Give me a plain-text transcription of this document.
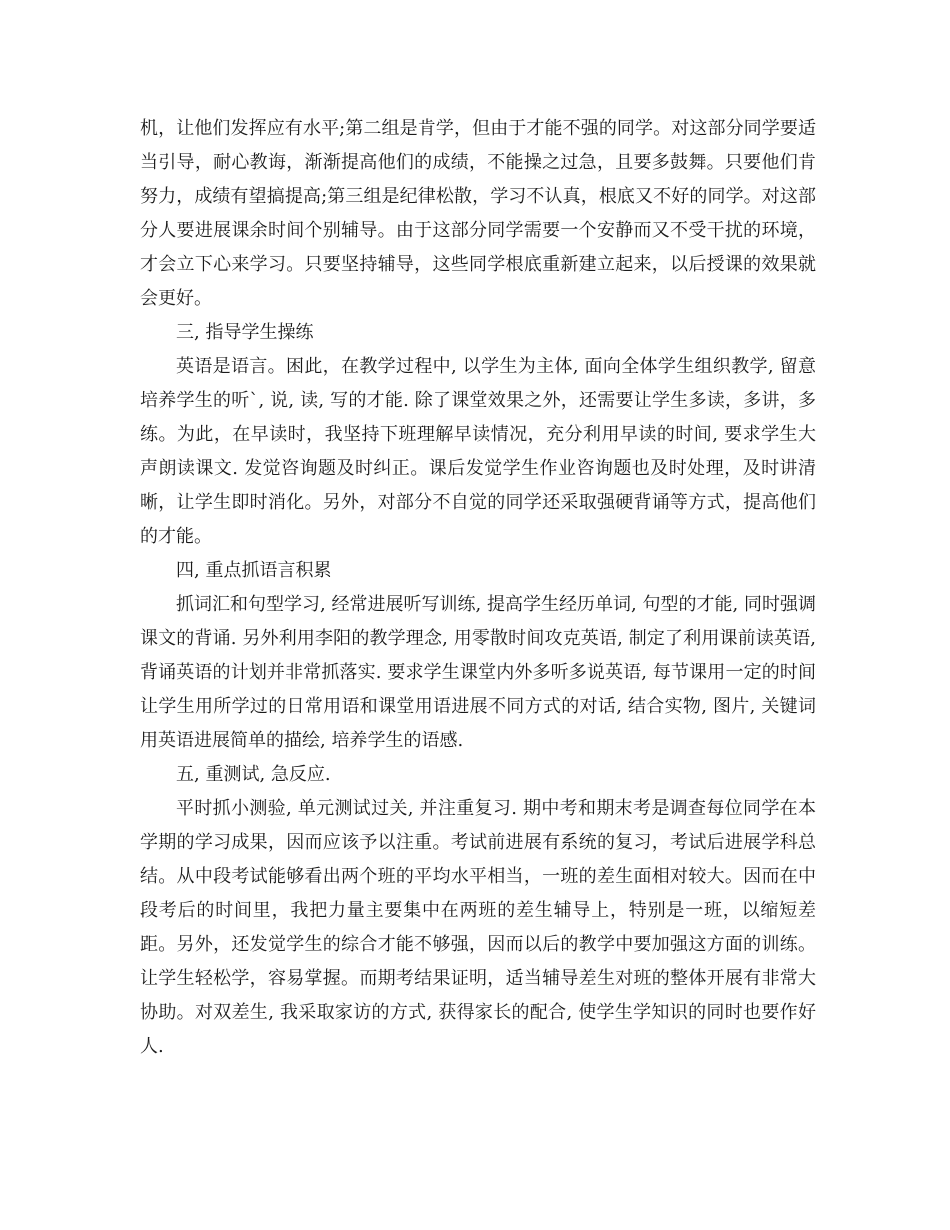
机，让他们发挥应有水平;第二组是肯学，但由于才能不强的同学。对这部分同学要适当引导，耐心教诲，渐渐提高他们的成绩，不能操之过急，且要多鼓舞。只要他们肯努力，成绩有望搞提高;第三组是纪律松散，学习不认真，根底又不好的同学。对这部分人要进展课余时间个别辅导。由于这部分同学需要一个安静而又不受干扰的环境，才会立下心来学习。只要坚持辅导，这些同学根底重新建立起来，以后授课的效果就会更好。

三, 指导学生操练

英语是语言。困此，在教学过程中, 以学生为主体, 面向全体学生组织教学, 留意培养学生的听`, 说, 读, 写的才能. 除了课堂效果之外，还需要让学生多读，多讲，多练。为此，在早读时，我坚持下班理解早读情况，充分利用早读的时间, 要求学生大声朗读课文. 发觉咨询题及时纠正。课后发觉学生作业咨询题也及时处理，及时讲清晰，让学生即时消化。另外，对部分不自觉的同学还采取强硬背诵等方式，提高他们的才能。

四, 重点抓语言积累

抓词汇和句型学习, 经常进展听写训练, 提高学生经历单词, 句型的才能, 同时强调课文的背诵. 另外利用李阳的教学理念, 用零散时间攻克英语, 制定了利用课前读英语, 背诵英语的计划并非常抓落实. 要求学生课堂内外多听多说英语, 每节课用一定的时间让学生用所学过的日常用语和课堂用语进展不同方式的对话, 结合实物, 图片, 关键词用英语进展简单的描绘, 培养学生的语感.

五, 重测试, 急反应.

平时抓小测验, 单元测试过关, 并注重复习. 期中考和期末考是调查每位同学在本学期的学习成果，因而应该予以注重。考试前进展有系统的复习，考试后进展学科总结。从中段考试能够看出两个班的平均水平相当，一班的差生面相对较大。因而在中段考后的时间里，我把力量主要集中在两班的差生辅导上，特别是一班，以缩短差距。另外，还发觉学生的综合才能不够强，因而以后的教学中要加强这方面的训练。让学生轻松学，容易掌握。而期考结果证明，适当辅导差生对班的整体开展有非常大协助。对双差生, 我采取家访的方式, 获得家长的配合, 使学生学知识的同时也要作好人.
